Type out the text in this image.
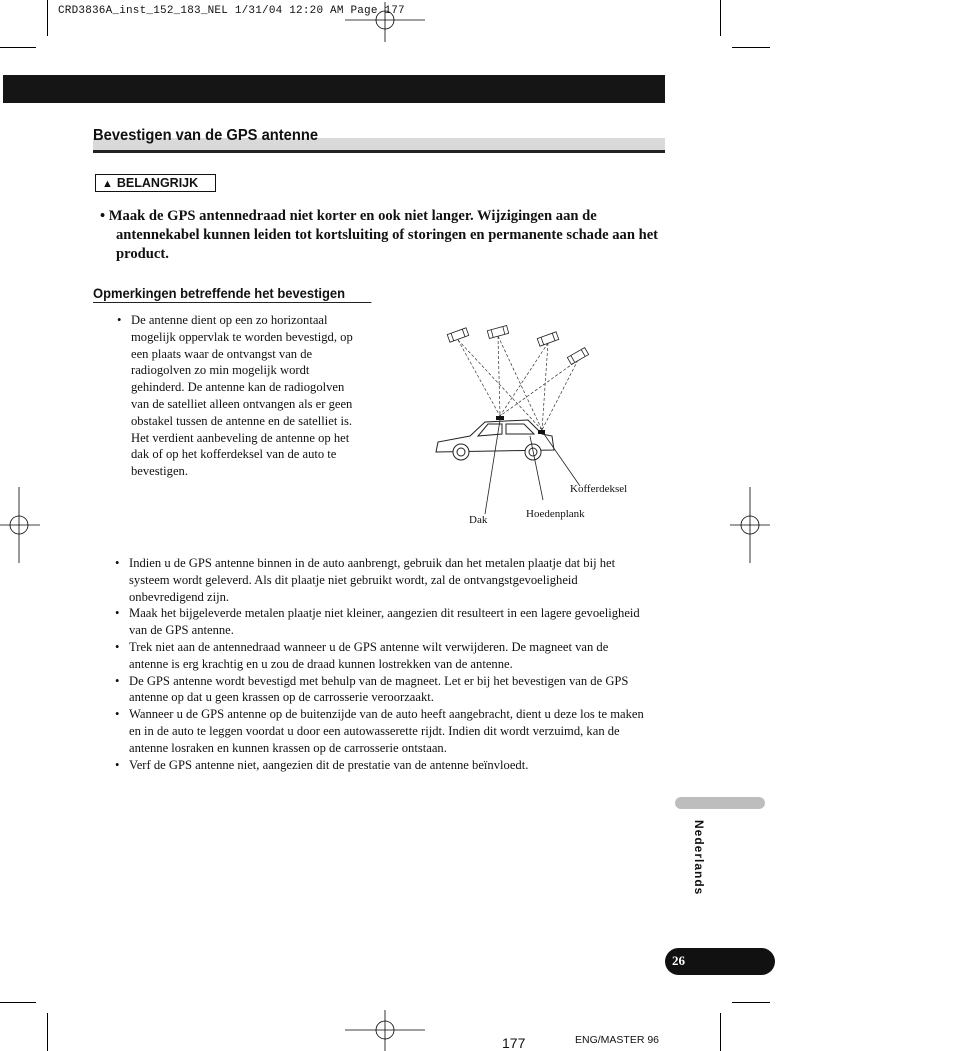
CRD3836A_inst_152_183_NEL 1/31/04 12:20 AM Page 177
Bevestigen van de GPS antenne
▲ BELANGRIJK
• Maak de GPS antennedraad niet korter en ook niet langer. Wijzigingen aan de antennekabel kunnen leiden tot kortsluiting of storingen en permanente schade aan het product.
Opmerkingen betreffende het bevestigen
• De antenne dient op een zo horizontaal mogelijk oppervlak te worden bevestigd, op een plaats waar de ontvangst van de radiogolven zo min mogelijk wordt gehinderd. De antenne kan de radiogolven van de satelliet alleen ontvangen als er geen obstakel tussen de antenne en de satelliet is.

Het verdient aanbeveling de antenne op het dak of op het kofferdeksel van de auto te bevestigen.

Kofferdeksel
Hoedenplank
Dak
• Indien u de GPS antenne binnen in de auto aanbrengt, gebruik dan het metalen plaatje dat bij het systeem wordt geleverd. Als dit plaatje niet gebruikt wordt, zal de ontvangstgevoeligheid onbevredigend zijn.
• Maak het bijgeleverde metalen plaatje niet kleiner, aangezien dit resulteert in een lagere gevoeligheid van de GPS antenne.
• Trek niet aan de antennedraad wanneer u de GPS antenne wilt verwijderen. De magneet van de antenne is erg krachtig en u zou de draad kunnen lostrekken van de antenne.
• De GPS antenne wordt bevestigd met behulp van de magneet. Let er bij het bevestigen van de GPS antenne op dat u geen krassen op de carrosserie veroorzaakt.
• Wanneer u de GPS antenne op de buitenzijde van de auto heeft aangebracht, dient u deze los te maken en in de auto te leggen voordat u door een autowasserette rijdt. Indien dit wordt verzuimd, kan de antenne losraken en kunnen krassen op de carrosserie ontstaan.
• Verf de GPS antenne niet, aangezien dit de prestatie van de antenne beïnvloedt.
Nederlands
26
177	ENG/MASTER 96
